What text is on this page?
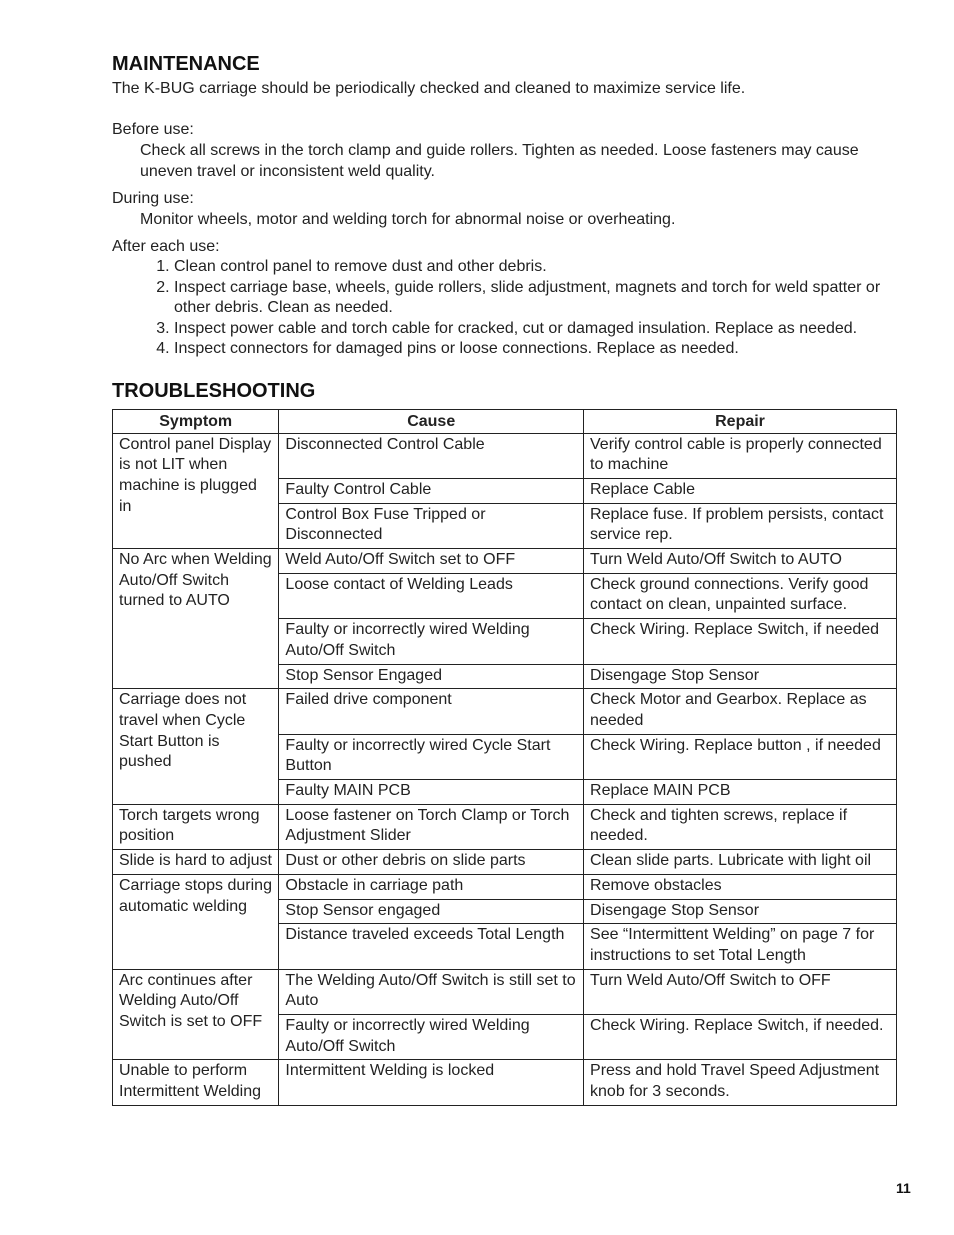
MAINTENANCE

The K-BUG carriage should be periodically checked and cleaned to maximize service life.

Before use:

Check all screws in the torch clamp and guide rollers. Tighten as needed. Loose fasteners may cause uneven travel or inconsistent weld quality.

During use:

Monitor wheels, motor and welding torch for abnormal noise or overheating.

After each use:

1. Clean control panel to remove dust and other debris.
2. Inspect carriage base, wheels, guide rollers, slide adjustment, magnets and torch for weld spatter or other debris. Clean as needed.
3. Inspect power cable and torch cable for cracked, cut or damaged insulation. Replace as needed.
4. Inspect connectors for damaged pins or loose connections. Replace as needed.
TROUBLESHOOTING
Symptom	Cause	Repair
Control panel Display is not LIT when machine is plugged in	Disconnected Control Cable	Verify control cable is properly connected to machine
	Faulty Control Cable	Replace Cable
	Control Box Fuse Tripped or Disconnected	Replace fuse. If problem persists, contact service rep.
No Arc when Welding Auto/Off Switch turned to AUTO	Weld Auto/Off Switch set to OFF	Turn Weld Auto/Off Switch to AUTO
	Loose contact of Welding Leads	Check ground connections. Verify good contact on clean, unpainted surface.
	Faulty or incorrectly wired Welding Auto/Off Switch	Check Wiring. Replace Switch, if needed
	Stop Sensor Engaged	Disengage Stop Sensor
Carriage does not travel when Cycle Start Button is pushed	Failed drive component	Check Motor and Gearbox. Replace as needed
	Faulty or incorrectly wired Cycle Start Button	Check Wiring. Replace button , if needed
	Faulty MAIN PCB	Replace MAIN PCB
Torch targets wrong position	Loose fastener on Torch Clamp or Torch Adjustment Slider	Check and tighten screws, replace if needed.
Slide is hard to adjust	Dust or other debris on slide parts	Clean slide parts. Lubricate with light oil
Carriage stops during automatic welding	Obstacle in carriage path	Remove obstacles
	Stop Sensor engaged	Disengage Stop Sensor
	Distance traveled exceeds Total Length	See “Intermittent Welding” on page 7 for instructions to set Total Length
Arc continues after Welding Auto/Off Switch is set to OFF	The Welding Auto/Off Switch is still set to Auto	Turn Weld Auto/Off Switch to OFF
	Faulty or incorrectly wired Welding Auto/Off Switch	Check Wiring. Replace Switch, if needed.
Unable to perform Intermittent Welding	Intermittent Welding is locked	Press and hold Travel Speed Adjustment knob for 3 seconds.
11
